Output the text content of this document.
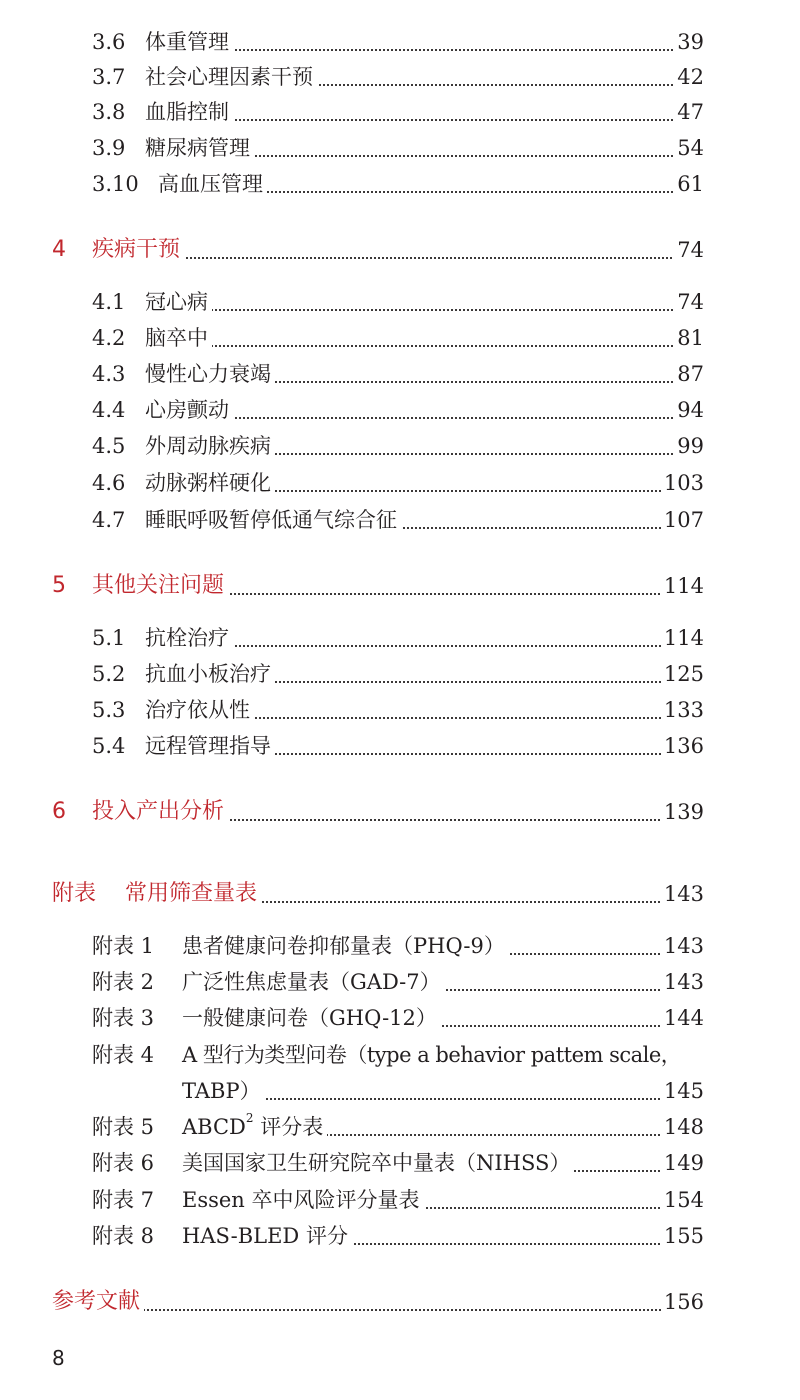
3.6 体重管理	39
3.7 社会心理因素干预	42
3.8 血脂控制	47
3.9 糖尿病管理	54
3.10 高血压管理	61
4 疾病干预	74
4.1 冠心病	74
4.2 脑卒中	81
4.3 慢性心力衰竭	87
4.4 心房颤动	94
4.5 外周动脉疾病	99
4.6 动脉粥样硬化	103
4.7 睡眠呼吸暂停低通气综合征	107
5 其他关注问题	114
5.1 抗栓治疗	114
5.2 抗血小板治疗	125
5.3 治疗依从性	133
5.4 远程管理指导	136
6 投入产出分析	139
附表 常用筛查量表	143
附表 1 患者健康问卷抑郁量表（PHQ-9）	143
附表 2 广泛性焦虑量表（GAD-7）	143
附表 3 一般健康问卷（GHQ-12）	144
附表 4 A 型行为类型问卷（type a behavior pattem scale，
TABP）	145
附表 5 ABCD$^2$ 评分表	148
附表 6 美国国家卫生研究院卒中量表（NIHSS）	149
附表 7 Essen 卒中风险评分量表	154
附表 8 HAS-BLED 评分	155
参考文献	156
8
